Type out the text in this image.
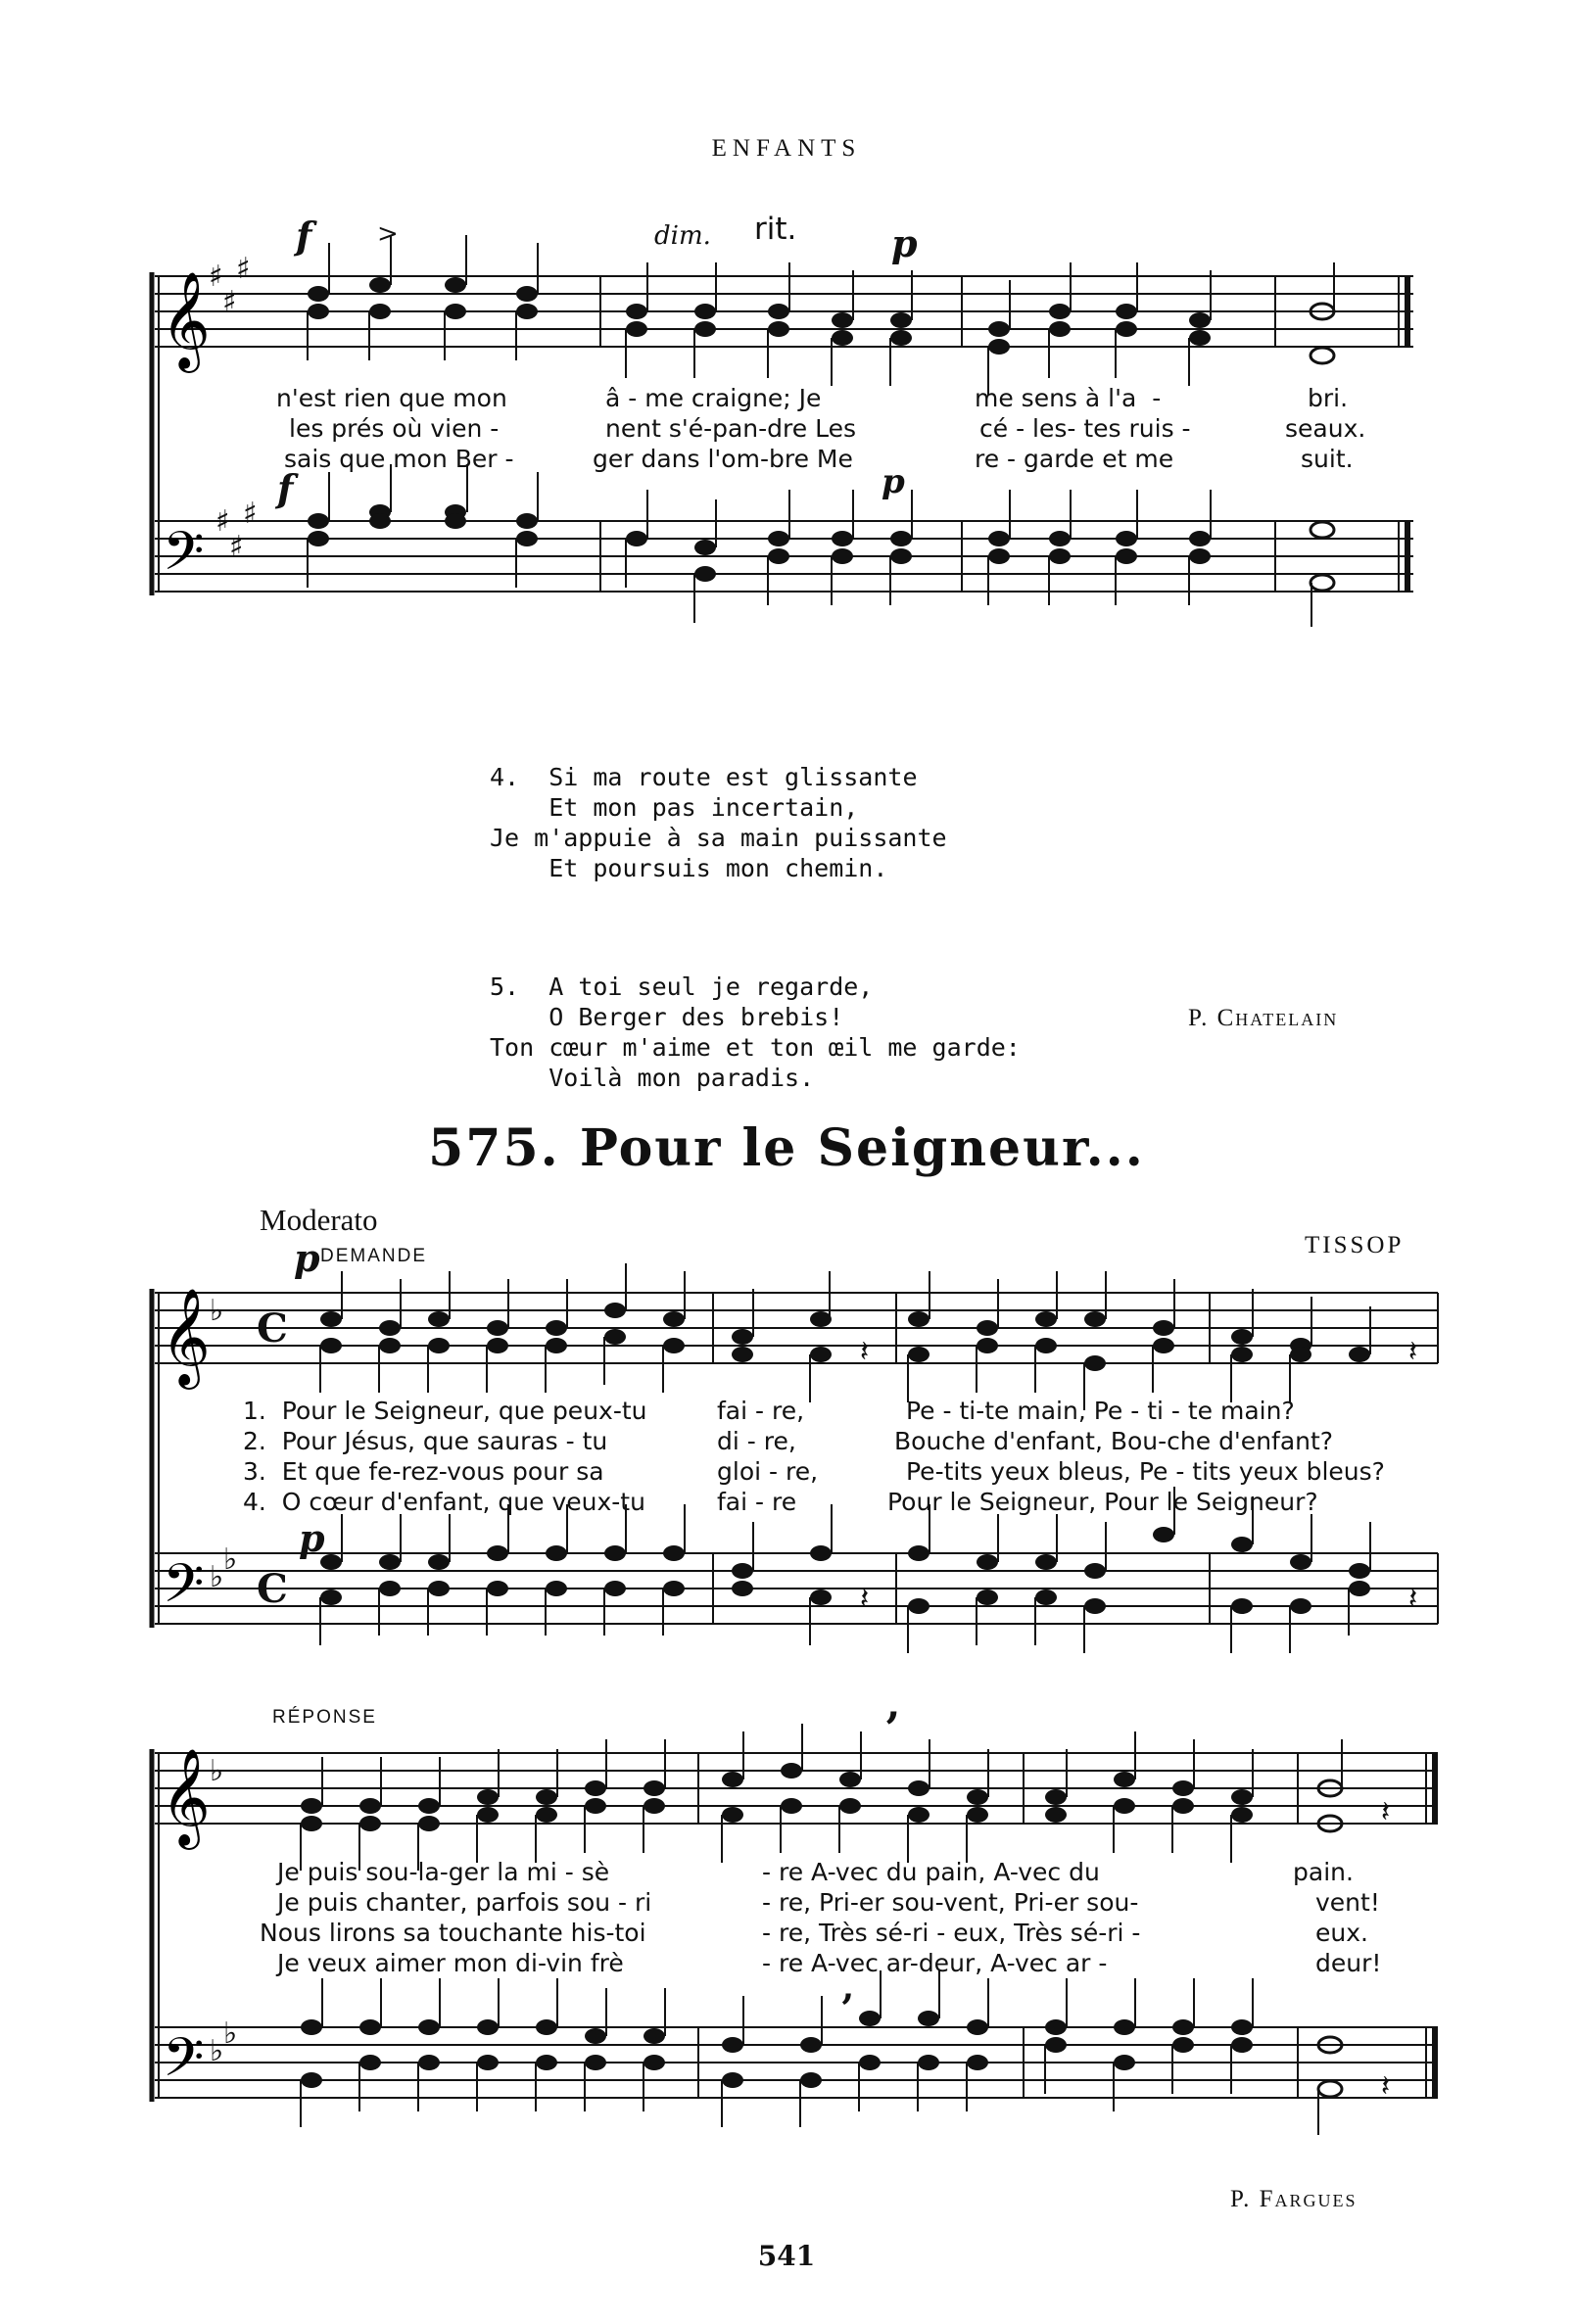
ENFANTS
𝄞
𝄢
♯
♯
♯
♯
♯
♯
f	>	dim. rit.	p
f	p
n'est rien que mon	â - me craigne; Je	me sens à l'a  -	bri.
les prés où vien -	nent s'é-pan-dre Les	cé - les- tes ruis -	seaux.
sais que mon Ber -	ger dans l'om-bre Me	re - garde et me	suit.

4. Si ma route est glissante
Et mon pas incertain,
Je m'appuie à sa main puissante
Et poursuis mon chemin.

5. A toi seul je regarde,
O Berger des brebis!
Ton cœur m'aime et ton œil me garde:
Voilà mon paradis.

P. Chatelain
575. Pour le Seigneur...
Moderato
DEMANDE
p	TISSOP
𝄞
𝄢
♭
♭
♭
C
C
𝄽
𝄽
𝄽
𝄽
1. Pour le Seigneur, que peux-tu	fai - re,	Pe - ti-te main, Pe - ti - te main?
2. Pour Jésus, que sauras - tu	di - re,	Bouche d'enfant, Bou-che d'enfant?
3. Et que fe-rez-vous pour sa	gloi - re,	Pe-tits yeux bleus, Pe - tits yeux bleus?
4. O cœur d'enfant, que veux-tu	fai - re	Pour le Seigneur, Pour le Seigneur?
p
RÉPONSE
𝄞
𝄢
♭
♭
♭
𝄽
𝄽
’
’
Je puis sou-la-ger la mi - sè	- re A-vec du pain, A-vec du	pain.
Je puis chanter, parfois sou - ri	- re, Pri-er sou-vent, Pri-er sou-	vent!
Nous lirons sa touchante his-toi	- re, Très sé-ri - eux, Très sé-ri -	eux.
Je veux aimer mon di-vin frè	- re A-vec ar-deur, A-vec ar -	deur!
P. Fargues
541
